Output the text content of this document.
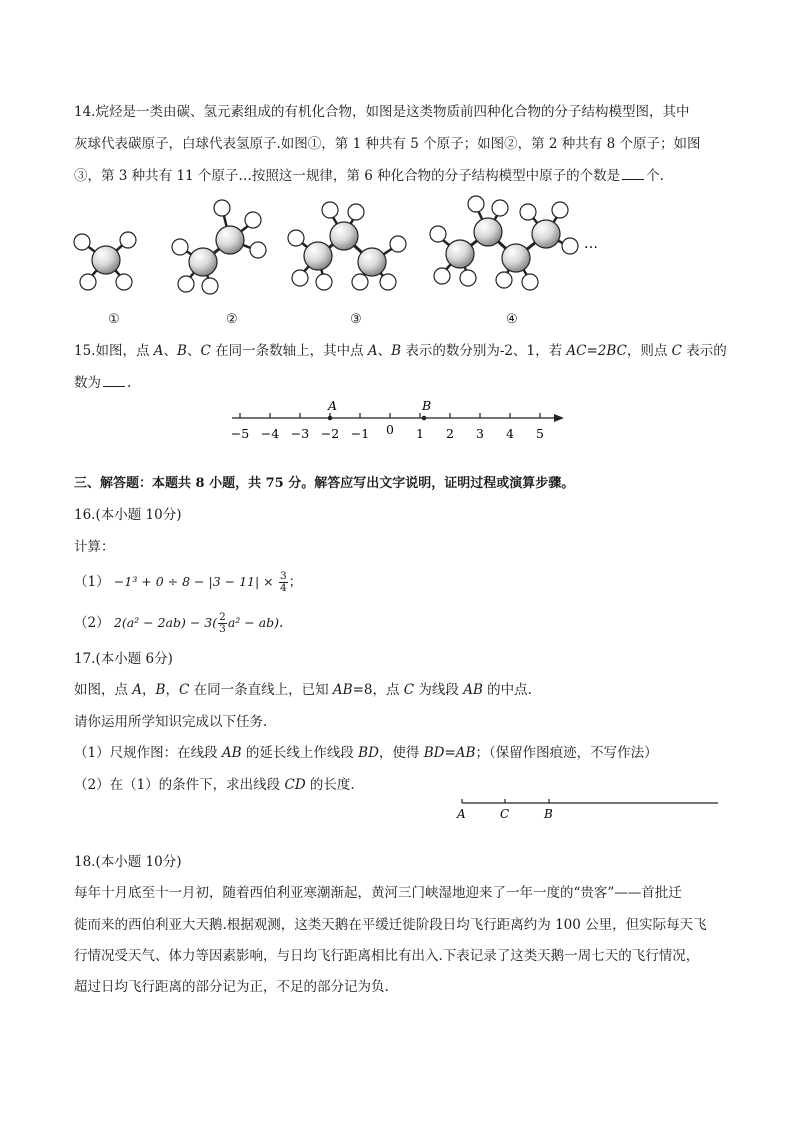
14.烷烃是一类由碳、氢元素组成的有机化合物，如图是这类物质前四种化合物的分子结构模型图，其中
灰球代表碳原子，白球代表氢原子.如图①，第 1 种共有 5 个原子；如图②，第 2 种共有 8 个原子；如图
③，第 3 种共有 11 个原子…按照这一规律，第 6 种化合物的分子结构模型中原子的个数是 个.
…
①	②	③	④
15.如图，点 A、B、C 在同一条数轴上，其中点 A、B 表示的数分别为-2、1，若 AC=2BC，则点 C 表示的
数为 .
−5 −4 −3 −2 −1 0 1 2 3 4 5
A	B
三、解答题：本题共 8 小题，共 75 分。解答应写出文字说明，证明过程或演算步骤。
16.(本小题 10分)
计算：
$(1) -1^3 + 0 \div 8 - |3 - 11| \times \frac{3}{4}$ ；
（2） $2(a^2 - 2ab) - 3( \frac{2}{3} a^2 - ab)$.
17.(本小题 6分)
如图，点 A，B，C 在同一条直线上，已知 AB=8，点 C 为线段 AB 的中点.
请你运用所学知识完成以下任务.
（1）尺规作图：在线段 AB 的延长线上作线段 BD，使得 BD=AB；（保留作图痕迹，不写作法）
（2）在（1）的条件下，求出线段 CD 的长度.
A	C	B
18.(本小题 10分)
每年十月底至十一月初，随着西伯利亚寒潮渐起，黄河三门峡湿地迎来了一年一度的“贵客”——首批迁
徙而来的西伯利亚大天鹅.根据观测，这类天鹅在平缓迁徙阶段日均飞行距离约为 100 公里，但实际每天飞
行情况受天气、体力等因素影响，与日均飞行距离相比有出入.下表记录了这类天鹅一周七天的飞行情况，
超过日均飞行距离的部分记为正，不足的部分记为负.
